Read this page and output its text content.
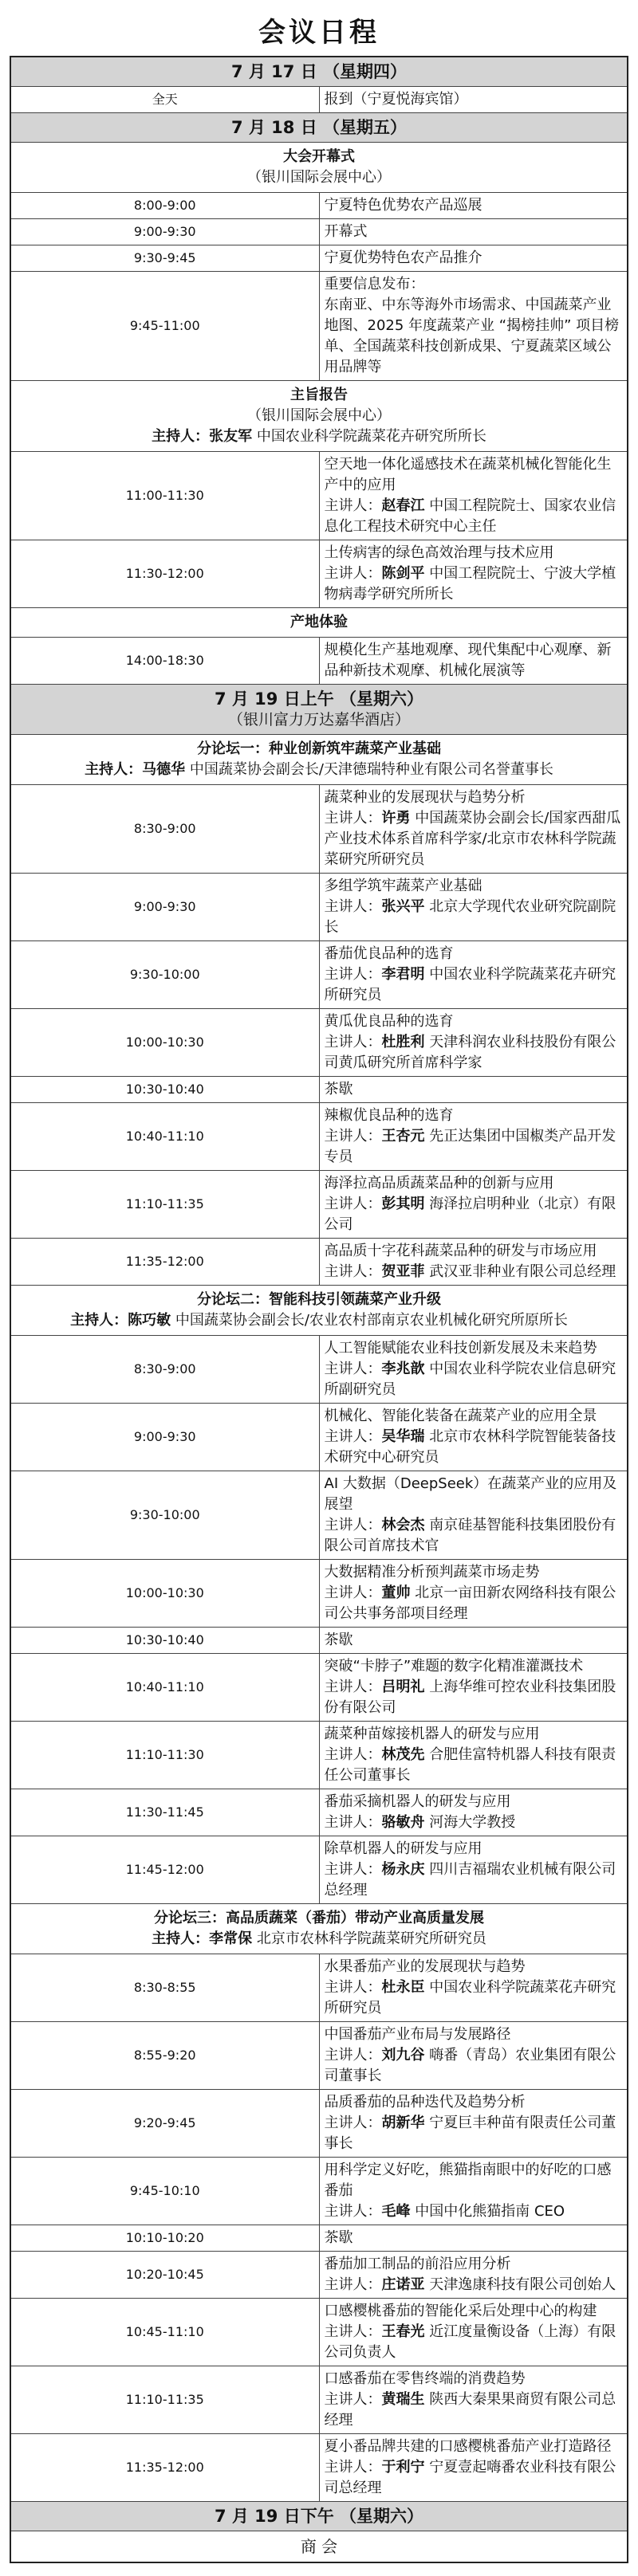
会议日程
7 月 17 日 （星期四）	
全天	报到（宁夏悦海宾馆）

7 月 18 日 （星期五）	

大会开幕式
（银川国际会展中心）	

8:00-9:00	宁夏特色优势农产品巡展

9:00-9:30	开幕式

9:30-9:45	宁夏优势特色农产品推介

9:45-11:00	重要信息发布：
东南亚、中东等海外市场需求、中国蔬菜产业地图、2025 年度蔬菜产业 “揭榜挂帅” 项目榜单、全国蔬菜科技创新成果、宁夏蔬菜区域公用品牌等

主旨报告
（银川国际会展中心）
主持人：张友军 中国农业科学院蔬菜花卉研究所所长	

11:00-11:30	空天地一体化遥感技术在蔬菜机械化智能化生产中的应用
主讲人：赵春江 中国工程院院士、国家农业信息化工程技术研究中心主任

11:30-12:00	土传病害的绿色高效治理与技术应用
主讲人：陈剑平 中国工程院院士、宁波大学植物病毒学研究所所长

产地体验	

14:00-18:30	规模化生产基地观摩、现代集配中心观摩、新品种新技术观摩、机械化展演等

7 月 19 日上午 （星期六）
（银川富力万达嘉华酒店）	

分论坛一：种业创新筑牢蔬菜产业基础
主持人：马德华 中国蔬菜协会副会长/天津德瑞特种业有限公司名誉董事长	

8:30-9:00	蔬菜种业的发展现状与趋势分析
主讲人：许勇 中国蔬菜协会副会长/国家西甜瓜产业技术体系首席科学家/北京市农林科学院蔬菜研究所研究员

9:00-9:30	多组学筑牢蔬菜产业基础
主讲人：张兴平 北京大学现代农业研究院副院长

9:30-10:00	番茄优良品种的选育
主讲人：李君明 中国农业科学院蔬菜花卉研究所研究员

10:00-10:30	黄瓜优良品种的选育
主讲人：杜胜利 天津科润农业科技股份有限公司黄瓜研究所首席科学家

10:30-10:40	茶歇

10:40-11:10	辣椒优良品种的选育
主讲人：王杏元 先正达集团中国椒类产品开发专员

11:10-11:35	海泽拉高品质蔬菜品种的创新与应用
主讲人：彭其明 海泽拉启明种业（北京）有限公司

11:35-12:00	高品质十字花科蔬菜品种的研发与市场应用
主讲人：贺亚菲 武汉亚非种业有限公司总经理

分论坛二：智能科技引领蔬菜产业升级
主持人：陈巧敏 中国蔬菜协会副会长/农业农村部南京农业机械化研究所原所长	

8:30-9:00	人工智能赋能农业科技创新发展及未来趋势
主讲人：李兆歆 中国农业科学院农业信息研究所副研究员

9:00-9:30	机械化、智能化装备在蔬菜产业的应用全景
主讲人：吴华瑞 北京市农林科学院智能装备技术研究中心研究员

9:30-10:00	AI 大数据（DeepSeek）在蔬菜产业的应用及展望
主讲人：林会杰 南京硅基智能科技集团股份有限公司首席技术官

10:00-10:30	大数据精准分析预判蔬菜市场走势
主讲人：董帅 北京一亩田新农网络科技有限公司公共事务部项目经理

10:30-10:40	茶歇

10:40-11:10	突破“卡脖子”难题的数字化精准灌溉技术
主讲人：吕明礼 上海华维可控农业科技集团股份有限公司

11:10-11:30	蔬菜种苗嫁接机器人的研发与应用
主讲人：林茂先 合肥佳富特机器人科技有限责任公司董事长

11:30-11:45	番茄采摘机器人的研发与应用
主讲人：骆敏舟 河海大学教授

11:45-12:00	除草机器人的研发与应用
主讲人：杨永庆 四川吉福瑞农业机械有限公司总经理

分论坛三：高品质蔬菜（番茄）带动产业高质量发展
主持人：李常保 北京市农林科学院蔬菜研究所研究员	

8:30-8:55	水果番茄产业的发展现状与趋势
主讲人：杜永臣 中国农业科学院蔬菜花卉研究所研究员

8:55-9:20	中国番茄产业布局与发展路径
主讲人：刘九谷 嗨番（青岛）农业集团有限公司董事长

9:20-9:45	品质番茄的品种迭代及趋势分析
主讲人：胡新华 宁夏巨丰种苗有限责任公司董事长

9:45-10:10	用科学定义好吃，熊猫指南眼中的好吃的口感番茄
主讲人：毛峰 中国中化熊猫指南 CEO

10:10-10:20	茶歇

10:20-10:45	番茄加工制品的前沿应用分析
主讲人：庄诺亚 天津逸康科技有限公司创始人

10:45-11:10	口感樱桃番茄的智能化采后处理中心的构建
主讲人：王春光 近江度量衡设备（上海）有限公司负责人

11:10-11:35	口感番茄在零售终端的消费趋势
主讲人：黄瑞生 陕西大秦果果商贸有限公司总经理

11:35-12:00	夏小番品牌共建的口感樱桃番茄产业打造路径
主讲人：于利宁 宁夏壹起嗨番农业科技有限公司总经理

7 月 19 日下午 （星期六）	
商 会	
